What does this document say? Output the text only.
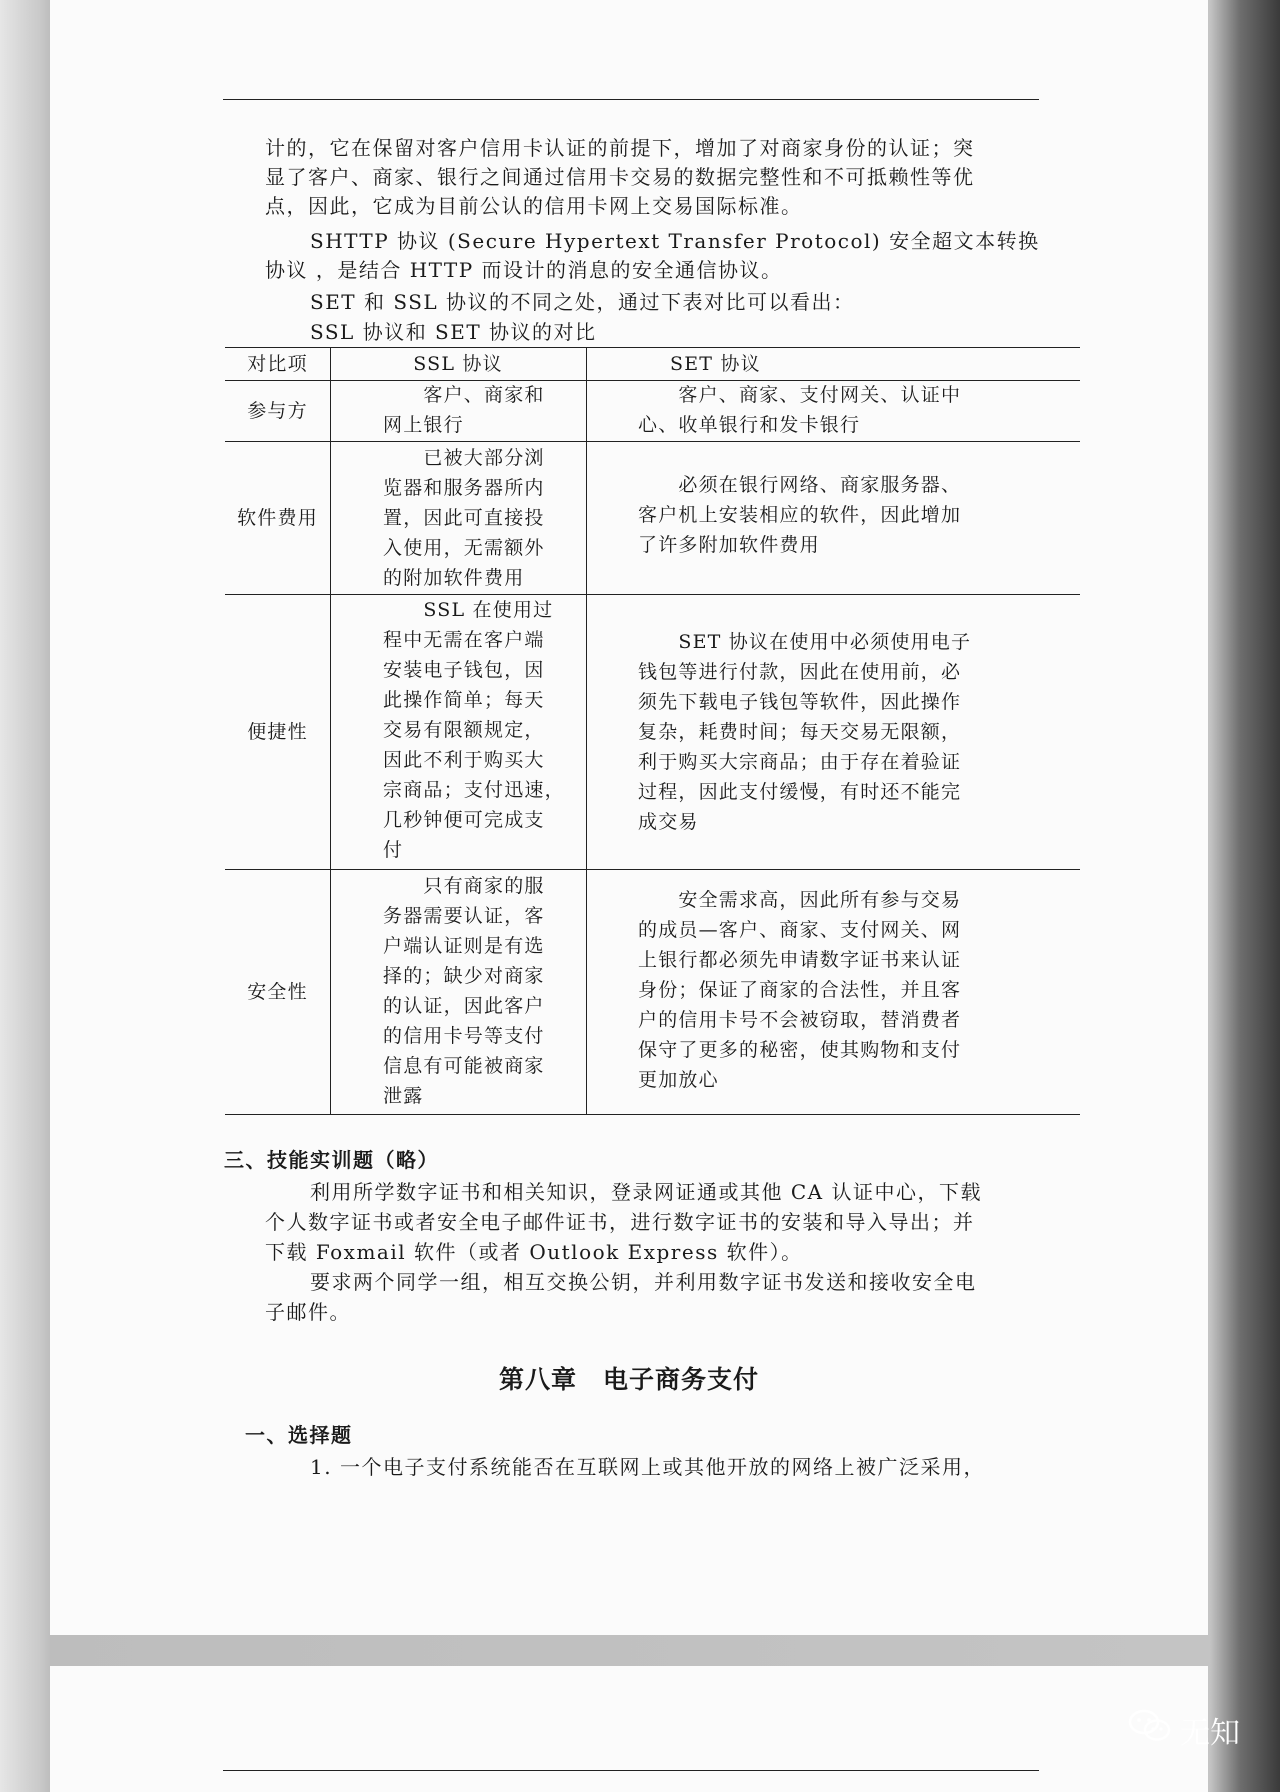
计的，它在保留对客户信用卡认证的前提下，增加了对商家身份的认证；突
显了客户、商家、银行之间通过信用卡交易的数据完整性和不可抵赖性等优
点，因此，它成为目前公认的信用卡网上交易国际标准。
SHTTP 协议 (Secure Hypertext Transfer Protocol) 安全超文本转换
协议 ，是结合 HTTP 而设计的消息的安全通信协议。
SET 和 SSL 协议的不同之处，通过下表对比可以看出：
SSL 协议和 SET 协议的对比
对比项	SSL 协议	SET 协议
参与方
　　客户、商家和
网上银行
　　客户、商家、支付网关、认证中
心、收单银行和发卡银行
软件费用
　　已被大部分浏
览器和服务器所内
置，因此可直接投
入使用，无需额外
的附加软件费用
　　必须在银行网络、商家服务器、
客户机上安装相应的软件，因此增加
了许多附加软件费用
便捷性
　　SSL 在使用过
程中无需在客户端
安装电子钱包，因
此操作简单；每天
交易有限额规定，
因此不利于购买大
宗商品；支付迅速，
几秒钟便可完成支
付
　　SET 协议在使用中必须使用电子
钱包等进行付款，因此在使用前，必
须先下载电子钱包等软件，因此操作
复杂，耗费时间；每天交易无限额，
利于购买大宗商品；由于存在着验证
过程，因此支付缓慢，有时还不能完
成交易
安全性
　　只有商家的服
务器需要认证，客
户端认证则是有选
择的；缺少对商家
的认证，因此客户
的信用卡号等支付
信息有可能被商家
泄露
　　安全需求高，因此所有参与交易
的成员—客户、商家、支付网关、网
上银行都必须先申请数字证书来认证
身份；保证了商家的合法性，并且客
户的信用卡号不会被窃取，替消费者
保守了更多的秘密，使其购物和支付
更加放心
三、技能实训题（略）
利用所学数字证书和相关知识，登录网证通或其他 CA 认证中心，下载
个人数字证书或者安全电子邮件证书，进行数字证书的安装和导入导出；并
下载 Foxmail 软件（或者 Outlook Express 软件）。
要求两个同学一组，相互交换公钥，并利用数字证书发送和接收安全电
子邮件。
第八章　电子商务支付
一、选择题
1. 一个电子支付系统能否在互联网上或其他开放的网络上被广泛采用，
无知
